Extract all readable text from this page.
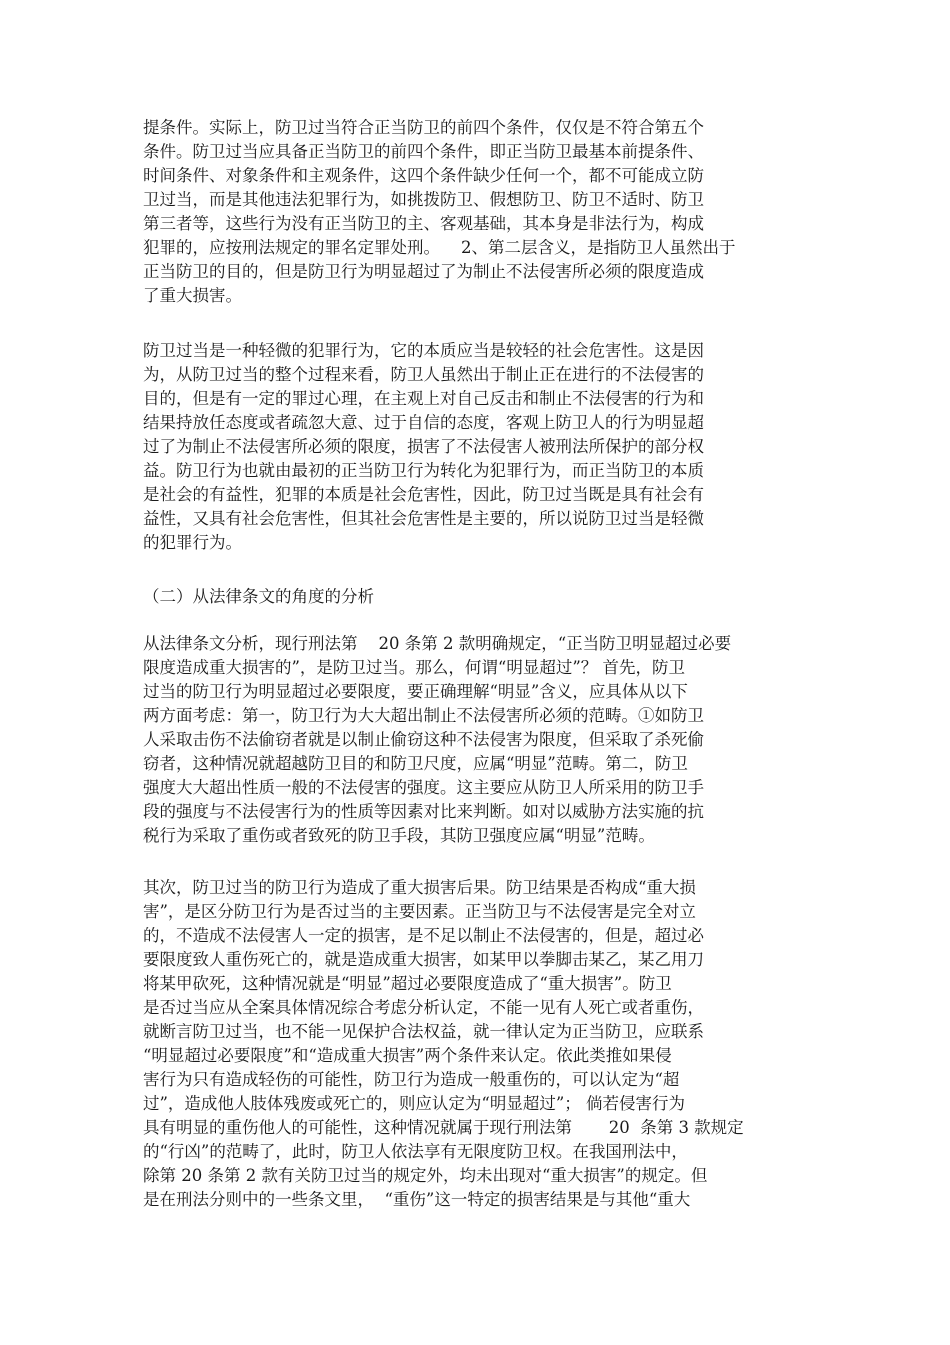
提条件。实际上，防卫过当符合正当防卫的前四个条件，仅仅是不符合第五个
条件。防卫过当应具备正当防卫的前四个条件，即正当防卫最基本前提条件、
时间条件、对象条件和主观条件，这四个条件缺少任何一个，都不可能成立防
卫过当，而是其他违法犯罪行为，如挑拨防卫、假想防卫、防卫不适时、防卫
第三者等，这些行为没有正当防卫的主、客观基础，其本身是非法行为，构成
犯罪的，应按刑法规定的罪名定罪处刑。    2、第二层含义，是指防卫人虽然出于
正当防卫的目的，但是防卫行为明显超过了为制止不法侵害所必须的限度造成
了重大损害。
防卫过当是一种轻微的犯罪行为，它的本质应当是较轻的社会危害性。这是因
为，从防卫过当的整个过程来看，防卫人虽然出于制止正在进行的不法侵害的
目的，但是有一定的罪过心理，在主观上对自己反击和制止不法侵害的行为和
结果持放任态度或者疏忽大意、过于自信的态度，客观上防卫人的行为明显超
过了为制止不法侵害所必须的限度，损害了不法侵害人被刑法所保护的部分权
益。防卫行为也就由最初的正当防卫行为转化为犯罪行为，而正当防卫的本质
是社会的有益性，犯罪的本质是社会危害性，因此，防卫过当既是具有社会有
益性，又具有社会危害性，但其社会危害性是主要的，所以说防卫过当是轻微
的犯罪行为。
（二）从法律条文的角度的分析
从法律条文分析，现行刑法第    20 条第 2 款明确规定，“正当防卫明显超过必要
限度造成重大损害的”，是防卫过当。那么，何谓“明显超过”？ 首先，防卫
过当的防卫行为明显超过必要限度，要正确理解“明显”含义，应具体从以下
两方面考虑：第一，防卫行为大大超出制止不法侵害所必须的范畴。①如防卫
人采取击伤不法偷窃者就是以制止偷窃这种不法侵害为限度，但采取了杀死偷
窃者，这种情况就超越防卫目的和防卫尺度，应属“明显”范畴。第二，防卫
强度大大超出性质一般的不法侵害的强度。这主要应从防卫人所采用的防卫手
段的强度与不法侵害行为的性质等因素对比来判断。如对以威胁方法实施的抗
税行为采取了重伤或者致死的防卫手段，其防卫强度应属“明显”范畴。
其次，防卫过当的防卫行为造成了重大损害后果。防卫结果是否构成“重大损
害”，是区分防卫行为是否过当的主要因素。正当防卫与不法侵害是完全对立
的，不造成不法侵害人一定的损害，是不足以制止不法侵害的，但是，超过必
要限度致人重伤死亡的，就是造成重大损害，如某甲以拳脚击某乙，某乙用刀
将某甲砍死，这种情况就是“明显”超过必要限度造成了“重大损害”。防卫
是否过当应从全案具体情况综合考虑分析认定，不能一见有人死亡或者重伤，
就断言防卫过当，也不能一见保护合法权益，就一律认定为正当防卫，应联系
“明显超过必要限度”和“造成重大损害”两个条件来认定。依此类推如果侵
害行为只有造成轻伤的可能性，防卫行为造成一般重伤的，可以认定为“超
过”，造成他人肢体残废或死亡的，则应认定为“明显超过”； 倘若侵害行为
具有明显的重伤他人的可能性，这种情况就属于现行刑法第       20  条第 3 款规定
的“行凶”的范畴了，此时，防卫人依法享有无限度防卫权。在我国刑法中，
除第 20 条第 2 款有关防卫过当的规定外，均未出现对“重大损害”的规定。但
是在刑法分则中的一些条文里，  “重伤”这一特定的损害结果是与其他“重大
